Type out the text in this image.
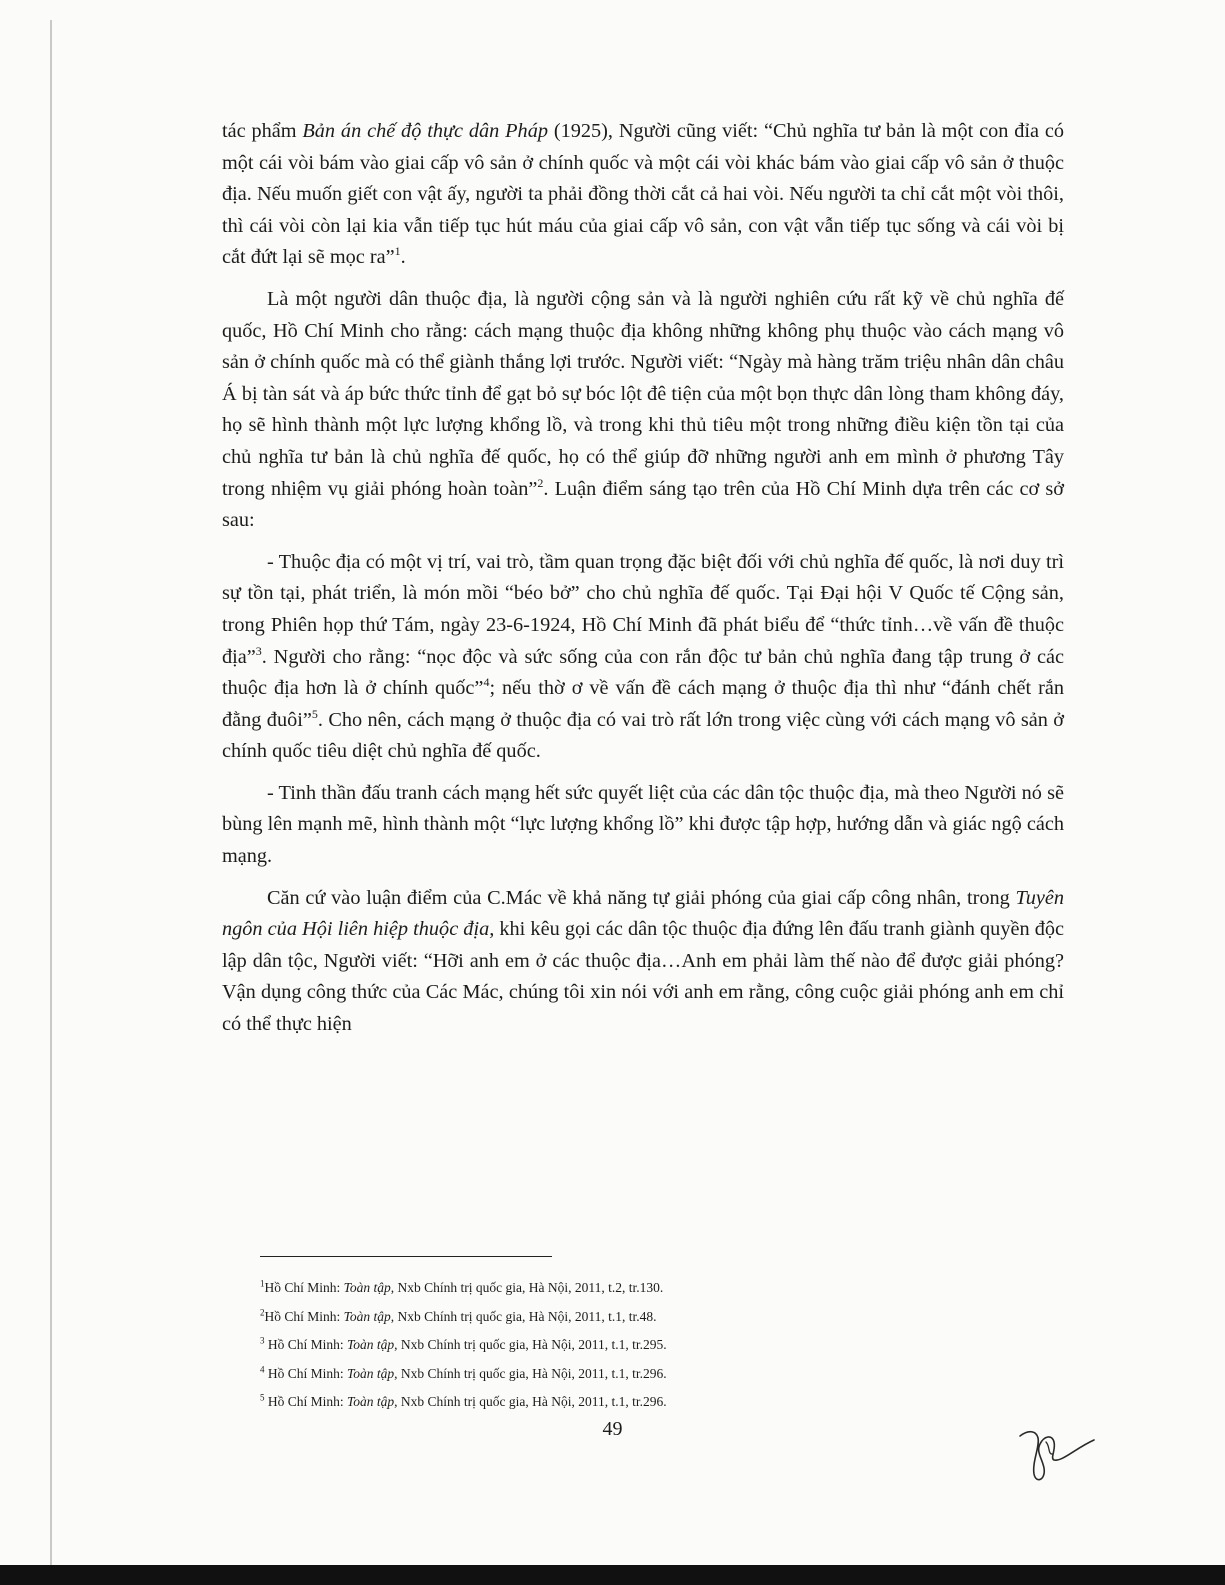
tác phẩm Bản án chế độ thực dân Pháp (1925), Người cũng viết: “Chủ nghĩa tư bản là một con đỉa có một cái vòi bám vào giai cấp vô sản ở chính quốc và một cái vòi khác bám vào giai cấp vô sản ở thuộc địa. Nếu muốn giết con vật ấy, người ta phải đồng thời cắt cả hai vòi. Nếu người ta chỉ cắt một vòi thôi, thì cái vòi còn lại kia vẫn tiếp tục hút máu của giai cấp vô sản, con vật vẫn tiếp tục sống và cái vòi bị cắt đứt lại sẽ mọc ra”$^1$.

Là một người dân thuộc địa, là người cộng sản và là người nghiên cứu rất kỹ về chủ nghĩa đế quốc, Hồ Chí Minh cho rằng: cách mạng thuộc địa không những không phụ thuộc vào cách mạng vô sản ở chính quốc mà có thể giành thắng lợi trước. Người viết: “Ngày mà hàng trăm triệu nhân dân châu Á bị tàn sát và áp bức thức tỉnh để gạt bỏ sự bóc lột đê tiện của một bọn thực dân lòng tham không đáy, họ sẽ hình thành một lực lượng khổng lồ, và trong khi thủ tiêu một trong những điều kiện tồn tại của chủ nghĩa tư bản là chủ nghĩa đế quốc, họ có thể giúp đỡ những người anh em mình ở phương Tây trong nhiệm vụ giải phóng hoàn toàn”$^2$. Luận điểm sáng tạo trên của Hồ Chí Minh dựa trên các cơ sở sau:

- Thuộc địa có một vị trí, vai trò, tầm quan trọng đặc biệt đối với chủ nghĩa đế quốc, là nơi duy trì sự tồn tại, phát triển, là món mồi “béo bở” cho chủ nghĩa đế quốc. Tại Đại hội V Quốc tế Cộng sản, trong Phiên họp thứ Tám, ngày 23-6-1924, Hồ Chí Minh đã phát biểu để “thức tỉnh…về vấn đề thuộc địa”$^3$. Người cho rằng: “nọc độc và sức sống của con rắn độc tư bản chủ nghĩa đang tập trung ở các thuộc địa hơn là ở chính quốc”$^4$; nếu thờ ơ về vấn đề cách mạng ở thuộc địa thì như “đánh chết rắn đằng đuôi”$^5$. Cho nên, cách mạng ở thuộc địa có vai trò rất lớn trong việc cùng với cách mạng vô sản ở chính quốc tiêu diệt chủ nghĩa đế quốc.

- Tinh thần đấu tranh cách mạng hết sức quyết liệt của các dân tộc thuộc địa, mà theo Người nó sẽ bùng lên mạnh mẽ, hình thành một “lực lượng khổng lồ” khi được tập hợp, hướng dẫn và giác ngộ cách mạng.

Căn cứ vào luận điểm của C.Mác về khả năng tự giải phóng của giai cấp công nhân, trong Tuyên ngôn của Hội liên hiệp thuộc địa, khi kêu gọi các dân tộc thuộc địa đứng lên đấu tranh giành quyền độc lập dân tộc, Người viết: “Hỡi anh em ở các thuộc địa…Anh em phải làm thế nào để được giải phóng? Vận dụng công thức của Các Mác, chúng tôi xin nói với anh em rằng, công cuộc giải phóng anh em chỉ có thể thực hiện

$^1$Hồ Chí Minh: Toàn tập, Nxb Chính trị quốc gia, Hà Nội, 2011, t.2, tr.130.
$^2$Hồ Chí Minh: Toàn tập, Nxb Chính trị quốc gia, Hà Nội, 2011, t.1, tr.48.
$^3$ Hồ Chí Minh: Toàn tập, Nxb Chính trị quốc gia, Hà Nội, 2011, t.1, tr.295.
$^4$ Hồ Chí Minh: Toàn tập, Nxb Chính trị quốc gia, Hà Nội, 2011, t.1, tr.296.
$^5$ Hồ Chí Minh: Toàn tập, Nxb Chính trị quốc gia, Hà Nội, 2011, t.1, tr.296.
49
